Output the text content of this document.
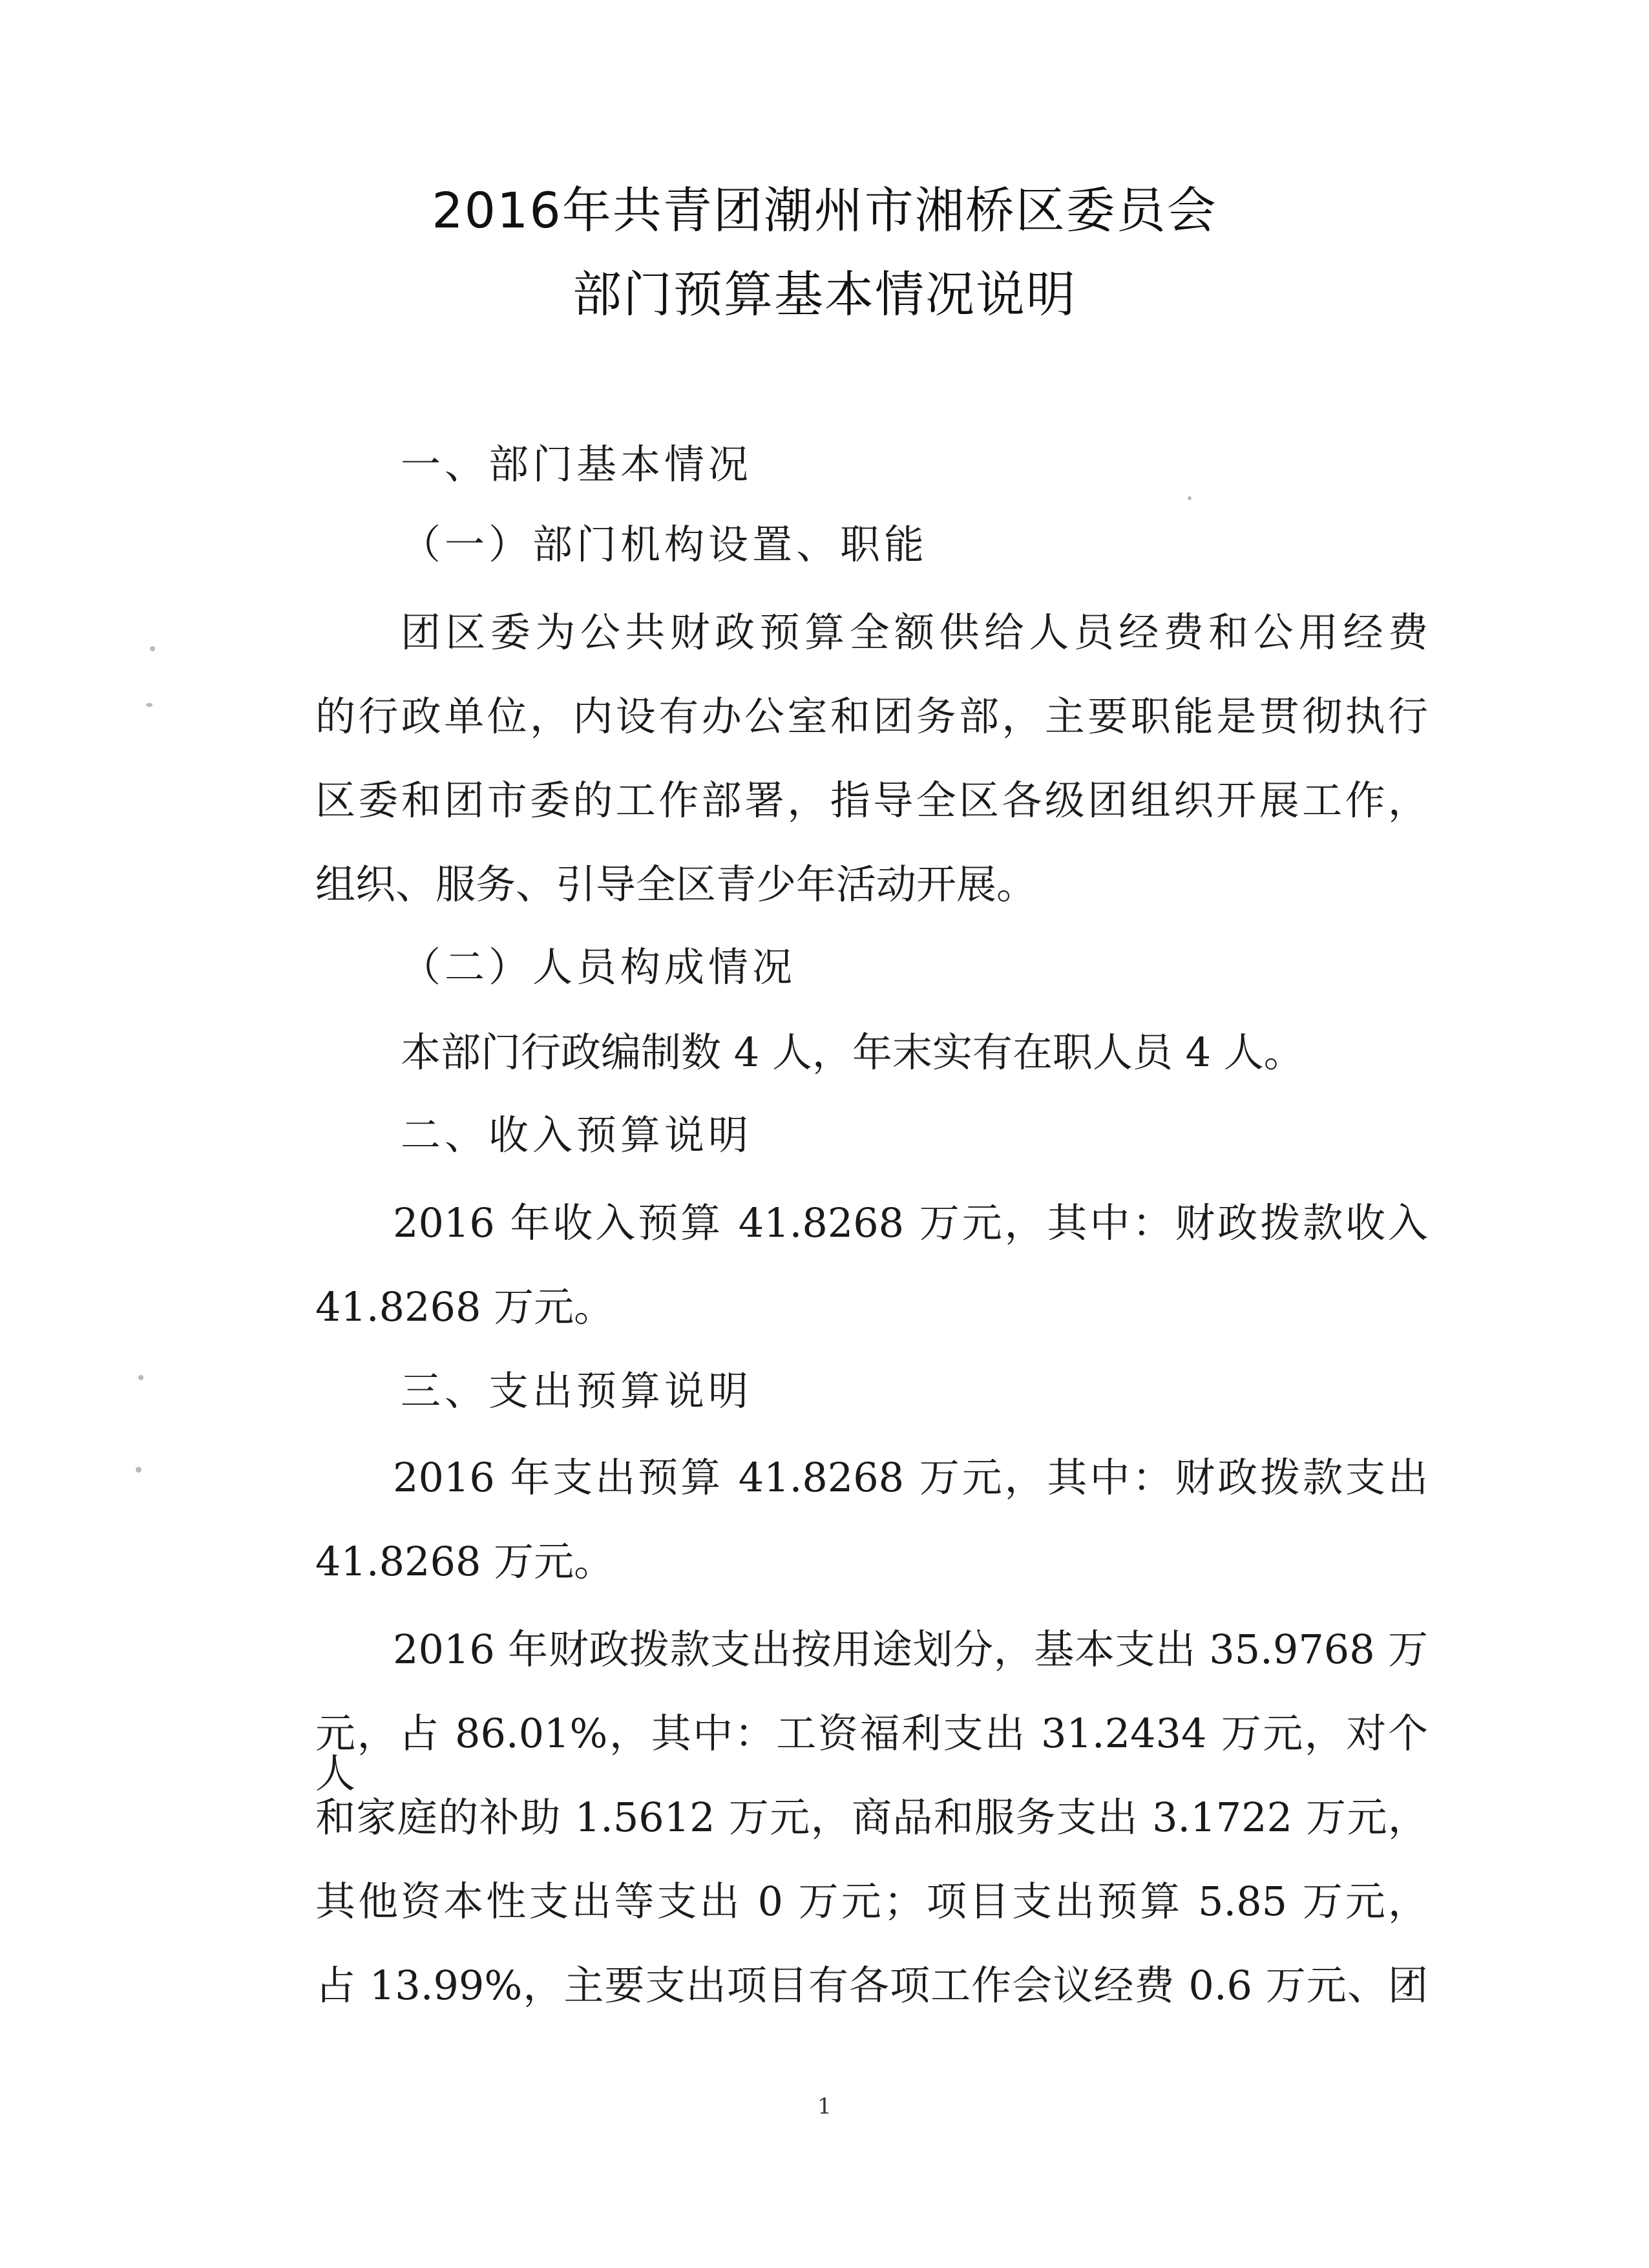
2016年共青团潮州市湘桥区委员会
部门预算基本情况说明
一、部门基本情况
（一）部门机构设置、职能
团区委为公共财政预算全额供给人员经费和公用经费
的行政单位，内设有办公室和团务部，主要职能是贯彻执行
区委和团市委的工作部署，指导全区各级团组织开展工作，
组织、服务、引导全区青少年活动开展。
（二）人员构成情况
本部门行政编制数 4 人，年末实有在职人员 4 人。
二、收入预算说明
2016 年收入预算 41.8268 万元，其中：财政拨款收入
41.8268 万元。
三、支出预算说明
2016 年支出预算 41.8268 万元，其中：财政拨款支出
41.8268 万元。
2016 年财政拨款支出按用途划分，基本支出 35.9768 万
元，占 86.01%，其中：工资福利支出 31.2434 万元，对个人
和家庭的补助 1.5612 万元，商品和服务支出 3.1722 万元，
其他资本性支出等支出 0 万元；项目支出预算 5.85 万元，
占 13.99%，主要支出项目有各项工作会议经费 0.6 万元、团
1
